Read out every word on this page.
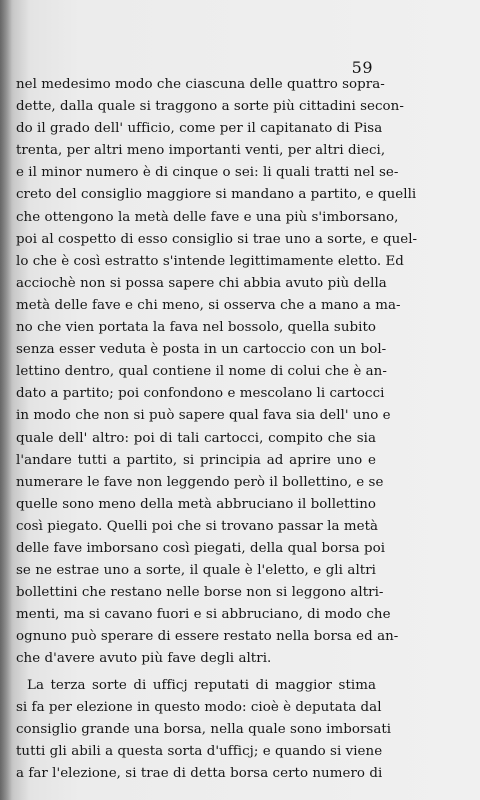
59
nel medesimo modo che ciascuna delle quattro sopra-
dette, dalla quale si traggono a sorte più cittadini secon-
do il grado dell' ufficio, come per il capitanato di Pisa
trenta, per altri meno importanti venti, per altri dieci,
e il minor numero è di cinque o sei: li quali tratti nel se-
creto del consiglio maggiore si mandano a partito, e quelli
che ottengono la metà delle fave e una più s'imborsano,
poi al cospetto di esso consiglio si trae uno a sorte, e quel-
lo che è così estratto s'intende legittimamente eletto. Ed
acciochè non si possa sapere chi abbia avuto più della
metà delle fave e chi meno, si osserva che a mano a ma-
no che vien portata la fava nel bossolo, quella subito
senza esser veduta è posta in un cartoccio con un bol-
lettino dentro, qual contiene il nome di colui che è an-
dato a partito; poi confondono e mescolano li cartocci
in modo che non si può sapere qual fava sia dell' uno e
quale dell' altro: poi di tali cartocci, compito che sia
l'andare tutti a partito, si principia ad aprire uno e
numerare le fave non leggendo però il bollettino, e se
quelle sono meno della metà abbruciano il bollettino
così piegato. Quelli poi che si trovano passar la metà
delle fave imborsano così piegati, della qual borsa poi
se ne estrae uno a sorte, il quale è l'eletto, e gli altri
bollettini che restano nelle borse non si leggono altri-
menti, ma si cavano fuori e si abbruciano, di modo che
ognuno può sperare di essere restato nella borsa ed an-
che d'avere avuto più fave degli altri.
La terza sorte di ufficj reputati di maggior stima
si fa per elezione in questo modo: cioè è deputata dal
consiglio grande una borsa, nella quale sono imborsati
tutti gli abili a questa sorta d'ufficj; e quando si viene
a far l'elezione, si trae di detta borsa certo numero di
